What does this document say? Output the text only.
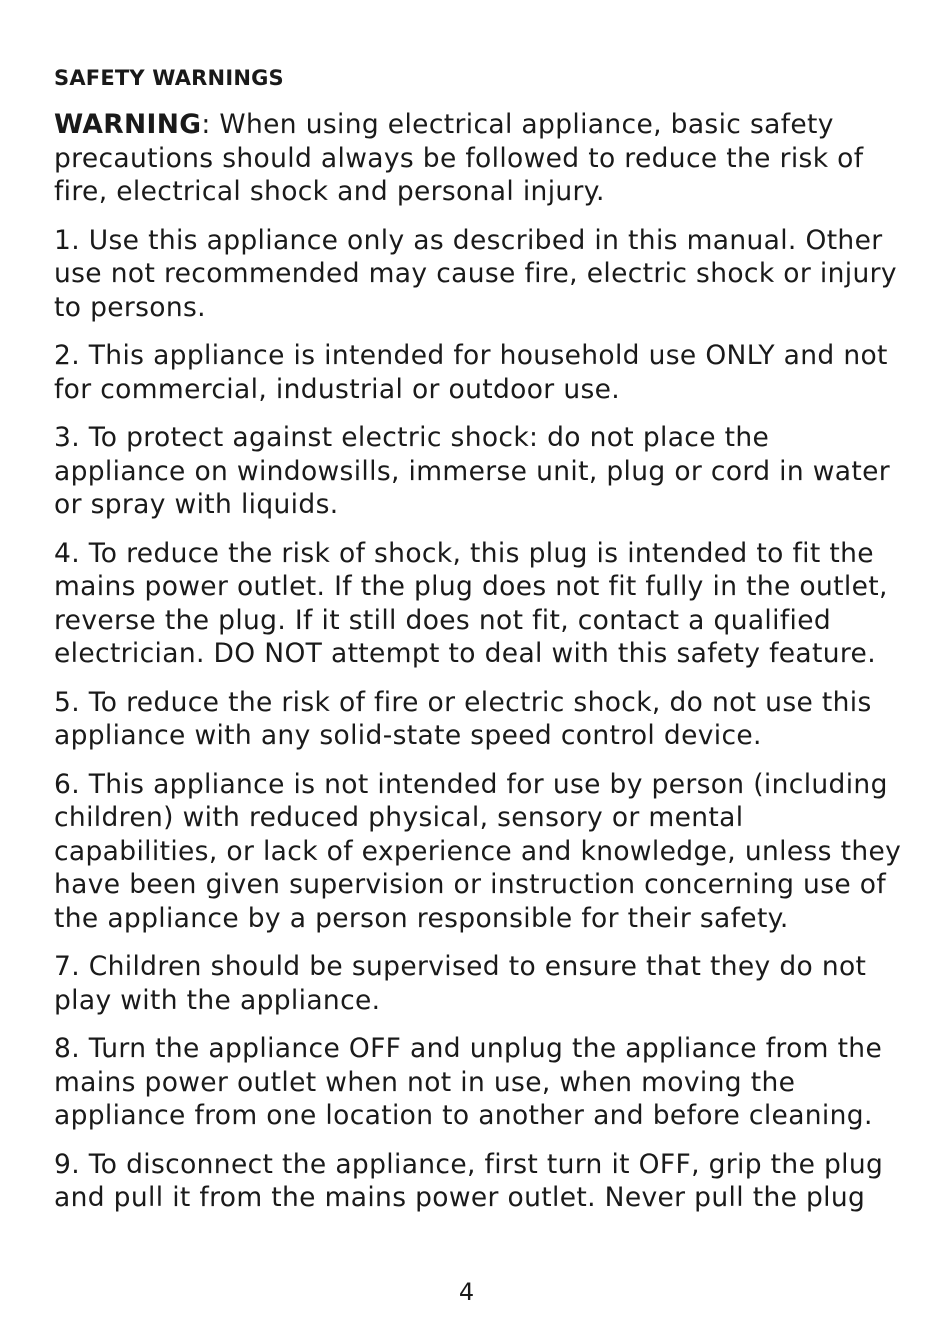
SAFETY WARNINGS

WARNING: When using electrical appliance, basic safety precautions should always be followed to reduce the risk of fire, electrical shock and personal injury.

1. Use this appliance only as described in this manual. Other use not recommended may cause fire, electric shock or injury to persons.

2. This appliance is intended for household use ONLY and not for commercial, industrial or outdoor use.

3. To protect against electric shock: do not place the appliance on windowsills, immerse unit, plug or cord in water or spray with liquids.

4. To reduce the risk of shock, this plug is intended to fit the mains power outlet. If the plug does not fit fully in the outlet, reverse the plug. If it still does not fit, contact a qualified electrician. DO NOT attempt to deal with this safety feature.

5. To reduce the risk of fire or electric shock, do not use this appliance with any solid-state speed control device.

6. This appliance is not intended for use by person (including children) with reduced physical, sensory or mental capabilities, or lack of experience and knowledge, unless they have been given supervision or instruction concerning use of the appliance by a person responsible for their safety.

7. Children should be supervised to ensure that they do not play with the appliance.

8. Turn the appliance OFF and unplug the appliance from the mains power outlet when not in use, when moving the appliance from one location to another and before cleaning.

9. To disconnect the appliance, first turn it OFF, grip the plug and pull it from the mains power outlet. Never pull the plug

4
